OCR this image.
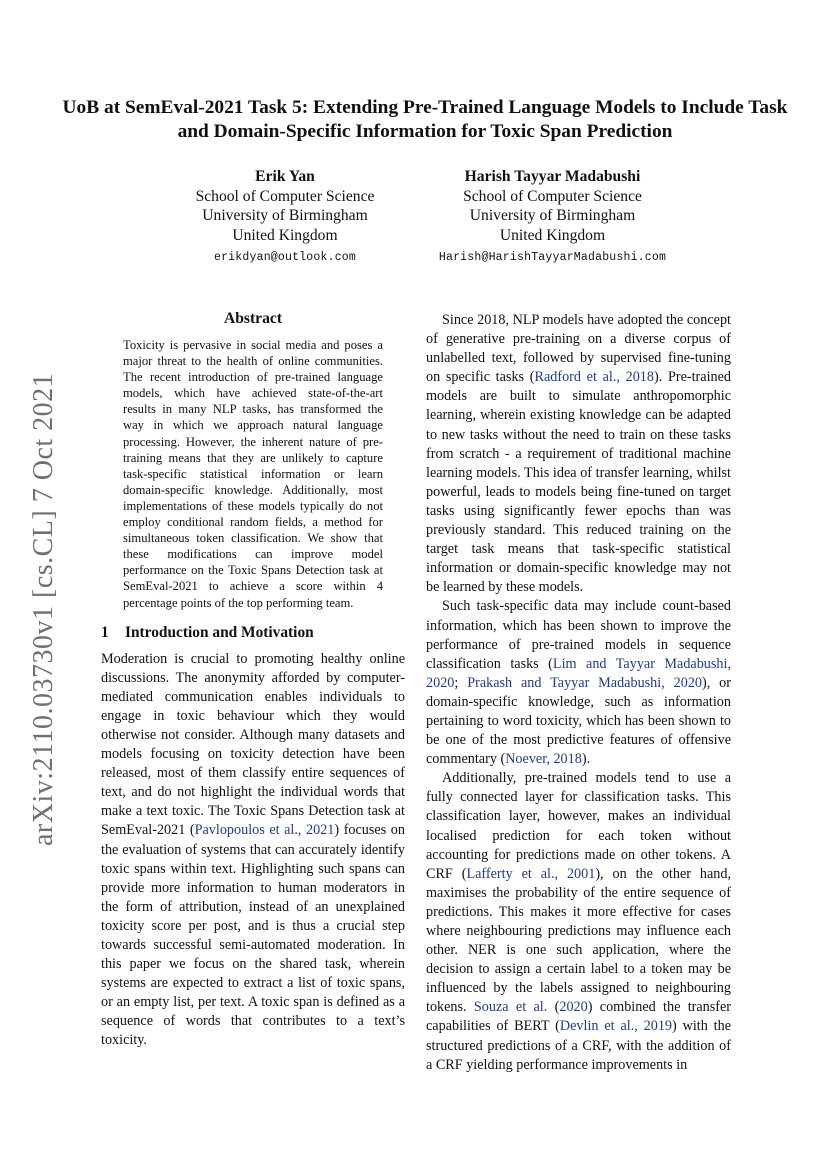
arXiv:2110.03730v1 [cs.CL] 7 Oct 2021
UoB at SemEval-2021 Task 5: Extending Pre-Trained Language Models to Include Task and Domain-Specific Information for Toxic Span Prediction
Erik Yan
School of Computer Science
University of Birmingham
United Kingdom
erikdyan@outlook.com
Harish Tayyar Madabushi
School of Computer Science
University of Birmingham
United Kingdom
Harish@HarishTayyarMadabushi.com
Abstract

Toxicity is pervasive in social media and poses a major threat to the health of online communities. The recent introduction of pre-trained language models, which have achieved state-of-the-art results in many NLP tasks, has transformed the way in which we approach natural language processing. However, the inherent nature of pre-training means that they are unlikely to capture task-specific statistical information or learn domain-specific knowledge. Additionally, most implementations of these models typically do not employ conditional random fields, a method for simultaneous token classification. We show that these modifications can improve model performance on the Toxic Spans Detection task at SemEval-2021 to achieve a score within 4 percentage points of the top performing team.

1 Introduction and Motivation

Moderation is crucial to promoting healthy online discussions. The anonymity afforded by computer-mediated communication enables individuals to engage in toxic behaviour which they would otherwise not consider. Although many datasets and models focusing on toxicity detection have been released, most of them classify entire sequences of text, and do not highlight the individual words that make a text toxic. The Toxic Spans Detection task at SemEval-2021 (Pavlopoulos et al., 2021) focuses on the evaluation of systems that can accurately identify toxic spans within text. Highlighting such spans can provide more information to human moderators in the form of attribution, instead of an unexplained toxicity score per post, and is thus a crucial step towards successful semi-automated moderation. In this paper we focus on the shared task, wherein systems are expected to extract a list of toxic spans, or an empty list, per text. A toxic span is defined as a sequence of words that contributes to a text’s toxicity.

Since 2018, NLP models have adopted the concept of generative pre-training on a diverse corpus of unlabelled text, followed by supervised fine-tuning on specific tasks (Radford et al., 2018). Pre-trained models are built to simulate anthropomorphic learning, wherein existing knowledge can be adapted to new tasks without the need to train on these tasks from scratch - a requirement of traditional machine learning models. This idea of transfer learning, whilst powerful, leads to models being fine-tuned on target tasks using significantly fewer epochs than was previously standard. This reduced training on the target task means that task-specific statistical information or domain-specific knowledge may not be learned by these models.

Such task-specific data may include count-based information, which has been shown to improve the performance of pre-trained models in sequence classification tasks (Lim and Tayyar Madabushi, 2020; Prakash and Tayyar Madabushi, 2020), or domain-specific knowledge, such as information pertaining to word toxicity, which has been shown to be one of the most predictive features of offensive commentary (Noever, 2018).

Additionally, pre-trained models tend to use a fully connected layer for classification tasks. This classification layer, however, makes an individual localised prediction for each token without accounting for predictions made on other tokens. A CRF (Lafferty et al., 2001), on the other hand, maximises the probability of the entire sequence of predictions. This makes it more effective for cases where neighbouring predictions may influence each other. NER is one such application, where the decision to assign a certain label to a token may be influenced by the labels assigned to neighbouring tokens. Souza et al. (2020) combined the transfer capabilities of BERT (Devlin et al., 2019) with the structured predictions of a CRF, with the addition of a CRF yielding performance improvements in
